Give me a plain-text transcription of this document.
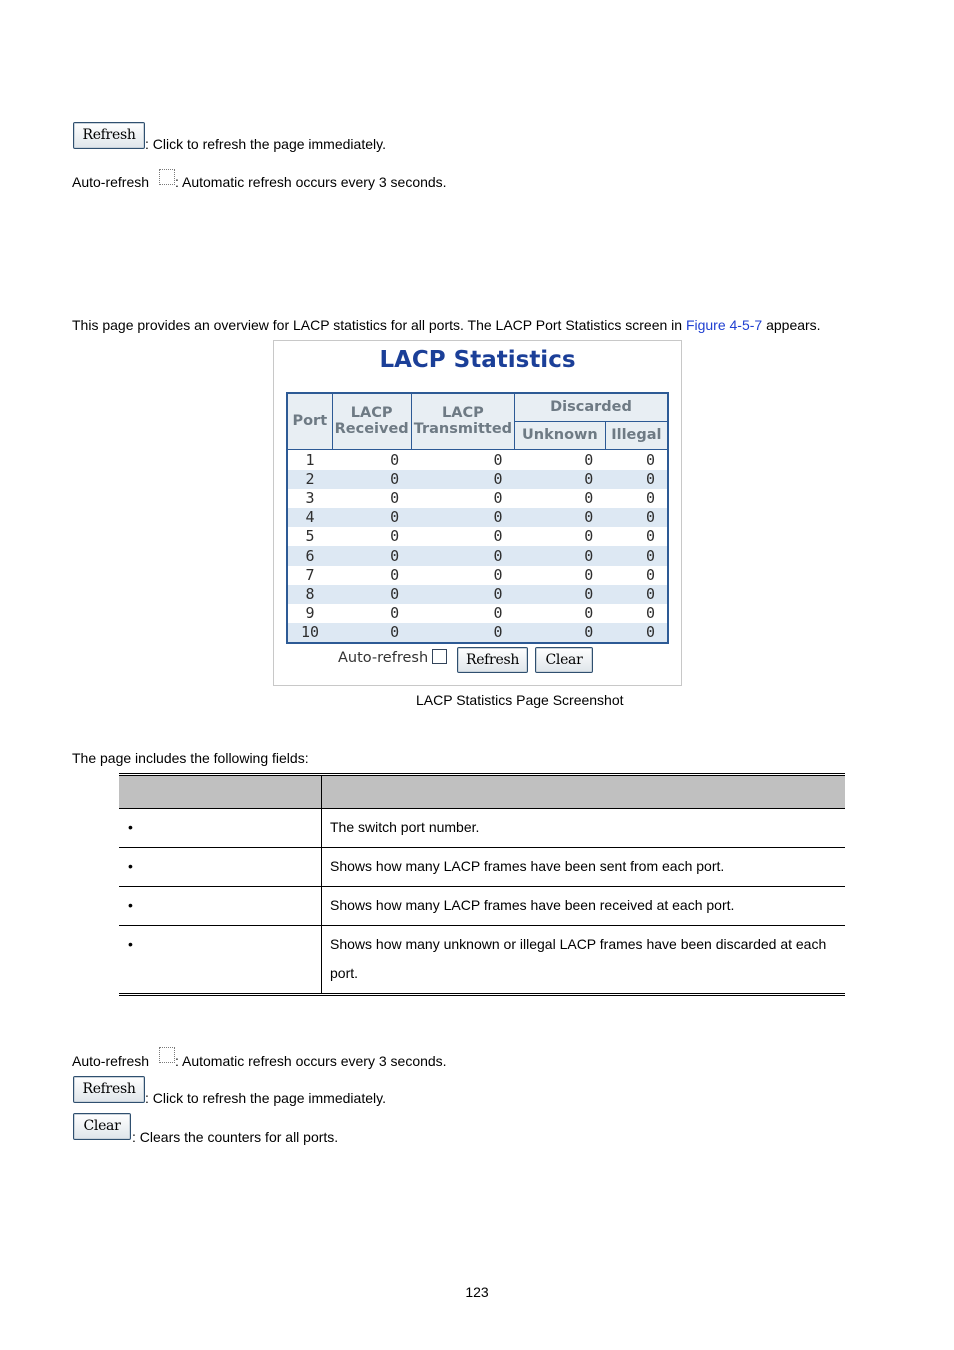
Refresh
: Click to refresh the page immediately.
Auto-refresh : Automatic refresh occurs every 3 seconds.
This page provides an overview for LACP statistics for all ports. The LACP Port Statistics screen in Figure 4-5-7 appears.
LACP Statistics
Port	LACP Received	LACP Transmitted	Discarded	
			Unknown	Illegal
1	0	0	0	0
2	0	0	0	0
3	0	0	0	0
4	0	0	0	0
5	0	0	0	0
6	0	0	0	0
7	0	0	0	0
8	0	0	0	0
9	0	0	0	0
10	0	0	0	0
Auto-refresh	Refresh	Clear
LACP Statistics Page Screenshot
The page includes the following fields:

•	The switch port number.
•	Shows how many LACP frames have been sent from each port.
•	Shows how many LACP frames have been received at each port.
•	Shows how many unknown or illegal LACP frames have been discarded at each port.
Auto-refresh : Automatic refresh occurs every 3 seconds.
Refresh
: Click to refresh the page immediately.
Clear
: Clears the counters for all ports.
123
